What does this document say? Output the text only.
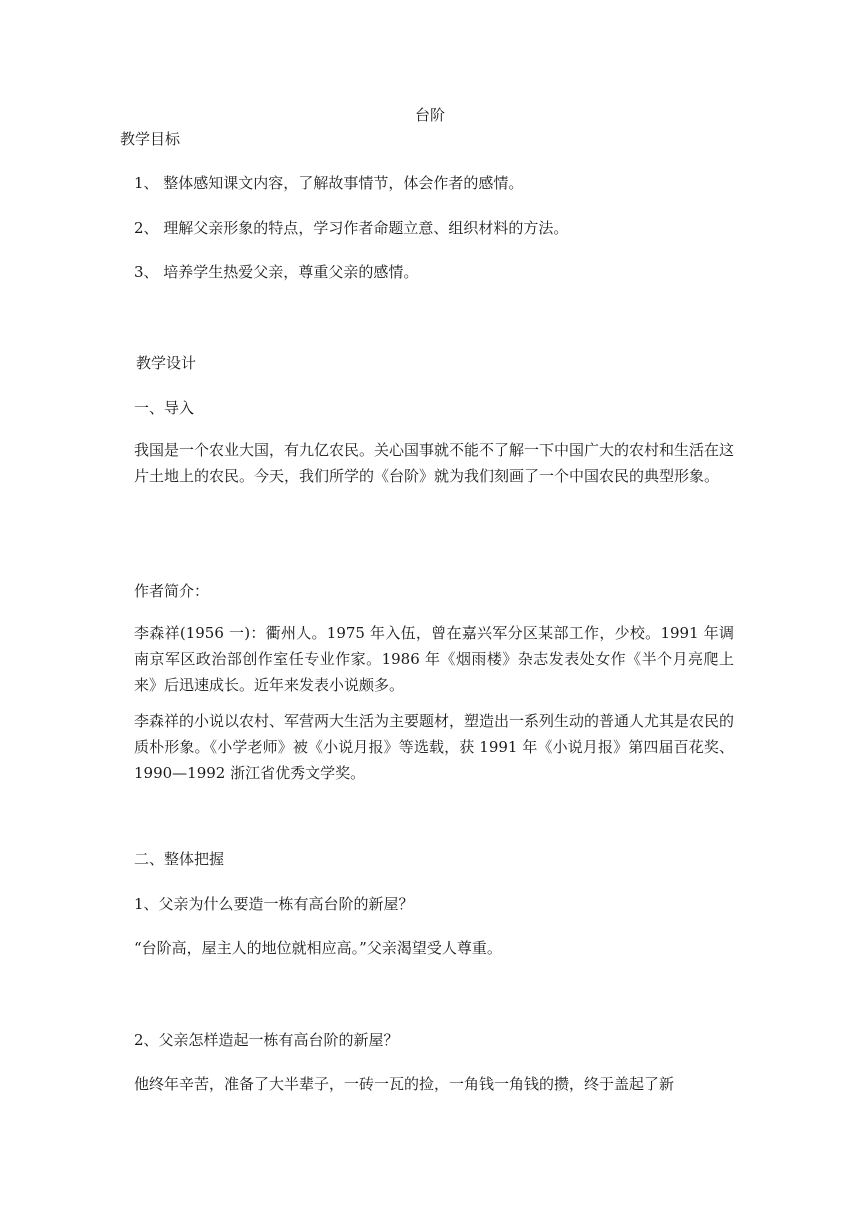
台阶
教学目标
1、 整体感知课文内容，了解故事情节，体会作者的感情。
2、 理解父亲形象的特点，学习作者命题立意、组织材料的方法。
3、 培养学生热爱父亲，尊重父亲的感情。
教学设计
一、导入
我国是一个农业大国，有九亿农民。关心国事就不能不了解一下中国广大的农村和生活在这片土地上的农民。今天，我们所学的《台阶》就为我们刻画了一个中国农民的典型形象。
作者简介：
李森祥(1956 一)：衢州人。1975 年入伍，曾在嘉兴军分区某部工作，少校。1991 年调南京军区政治部创作室任专业作家。1986 年《烟雨楼》杂志发表处女作《半个月亮爬上来》后迅速成长。近年来发表小说颇多。
李森祥的小说以农村、军营两大生活为主要题材，塑造出一系列生动的普通人尤其是农民的质朴形象。《小学老师》被《小说月报》等选载，获 1991 年《小说月报》第四届百花奖、1990—1992 浙江省优秀文学奖。
二、整体把握
1、父亲为什么要造一栋有高台阶的新屋？
“台阶高，屋主人的地位就相应高。”父亲渴望受人尊重。
2、父亲怎样造起一栋有高台阶的新屋？
他终年辛苦，准备了大半辈子，一砖一瓦的捡，一角钱一角钱的攒，终于盖起了新
